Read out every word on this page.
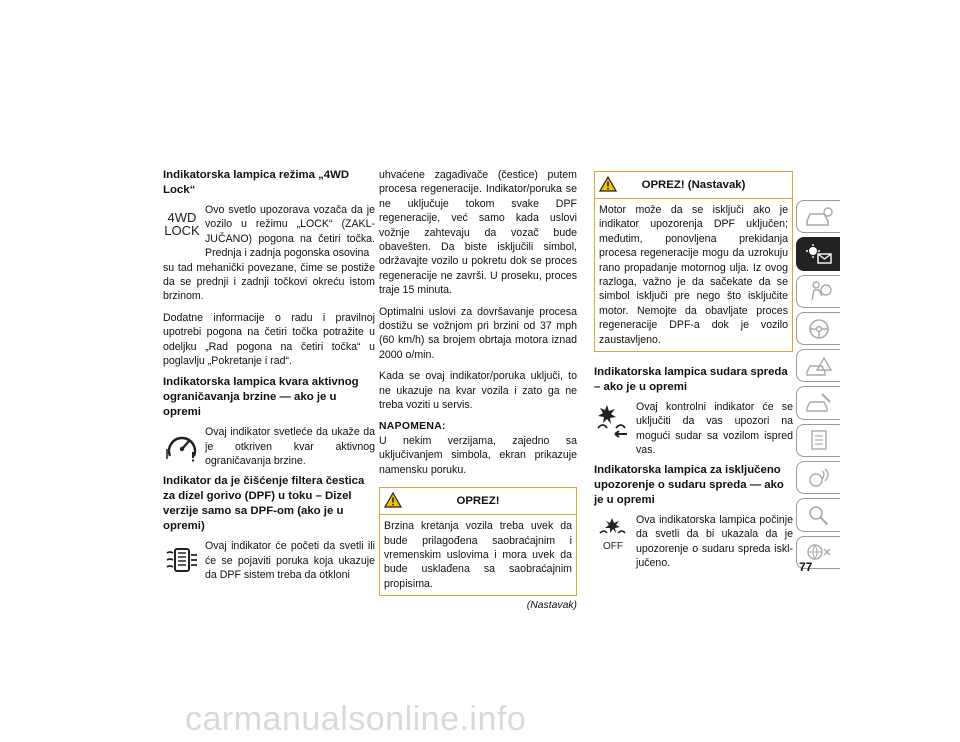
Indikatorska lampica režima „4WD Lock“
4WD
LOCK
Ovo svetlo upozorava vozača da je vozilo u režimu „LOCK“ (ZAKL-JUČANO) pogona na četiri točka. Prednja i zadnja pogonska osovina

su tad mehanički povezane, čime se postiže da se prednji i zadnji točkovi okreću istom brzinom.

Dodatne informacije o radu i pravilnoj upotrebi pogona na četiri točka potražite u odeljku „Rad pogona na četiri točka“ u poglavlju „Pokretanje i rad“.

Indikatorska lampica kvara aktivnog ograničavanja brzine — ako je u opremi
Ovaj indikator svetleće da ukaže da je otkriven kvar aktivnog ograničavanja brzine.
Indikator da je čišćenje filtera čestica za dizel gorivo (DPF) u toku – Dizel verzije samo sa DPF-om (ako je u opremi)
Ovaj indikator će početi da svetli ili će se pojaviti poruka koja ukazuje da DPF sistem treba da otkloni

uhvaćene zagađivače (čestice) putem procesa regeneracije. Indikator/poruka se ne uključuje tokom svake DPF regeneracije, već samo kada uslovi vožnje zahtevaju da vozač bude obavešten. Da biste isključili simbol, održavajte vozilo u pokretu dok se proces regeneracije ne završi. U proseku, proces traje 15 minuta.

Optimalni uslovi za dovršavanje procesa dostižu se vožnjom pri brzini od 37 mph (60 km/h) sa brojem obrtaja motora iznad 2000 o/min.

Kada se ovaj indikator/poruka uključi, to ne ukazuje na kvar vozila i zato ga ne treba voziti u servis.

NAPOMENA:

U nekim verzijama, zajedno sa uključivanjem simbola, ekran prikazuje namensku poruku.

OPREZ!
Brzina kretanja vozila treba uvek da bude prilagođena saobraćajnim i vremenskim uslovima i mora uvek da bude usklađena sa saobraćajnim propisima.
(Nastavak)
OPREZ! (Nastavak)
Motor može da se isključi ako je indikator upozorenja DPF uključen; međutim, ponovljena prekidanja procesa regeneracije mogu da uzrokuju rano propadanje motornog ulja. Iz ovog razloga, važno je da sačekate da se simbol isključi pre nego što isključite motor. Nemojte da obavljate proces regeneracije DPF-a dok je vozilo zaustavljeno.
Indikatorska lampica sudara spreda – ako je u opremi
Ovaj kontrolni indikator će se uključiti da vas upozori na mogući sudar sa vozilom ispred vas.
Indikatorska lampica za isključeno upozorenje o sudaru spreda — ako je u opremi
OFF
Ova indikatorska lampica počinje da svetli da bi ukazala da je upozorenje o sudaru spreda iskl-jučeno.	77
carmanualsonline.info
